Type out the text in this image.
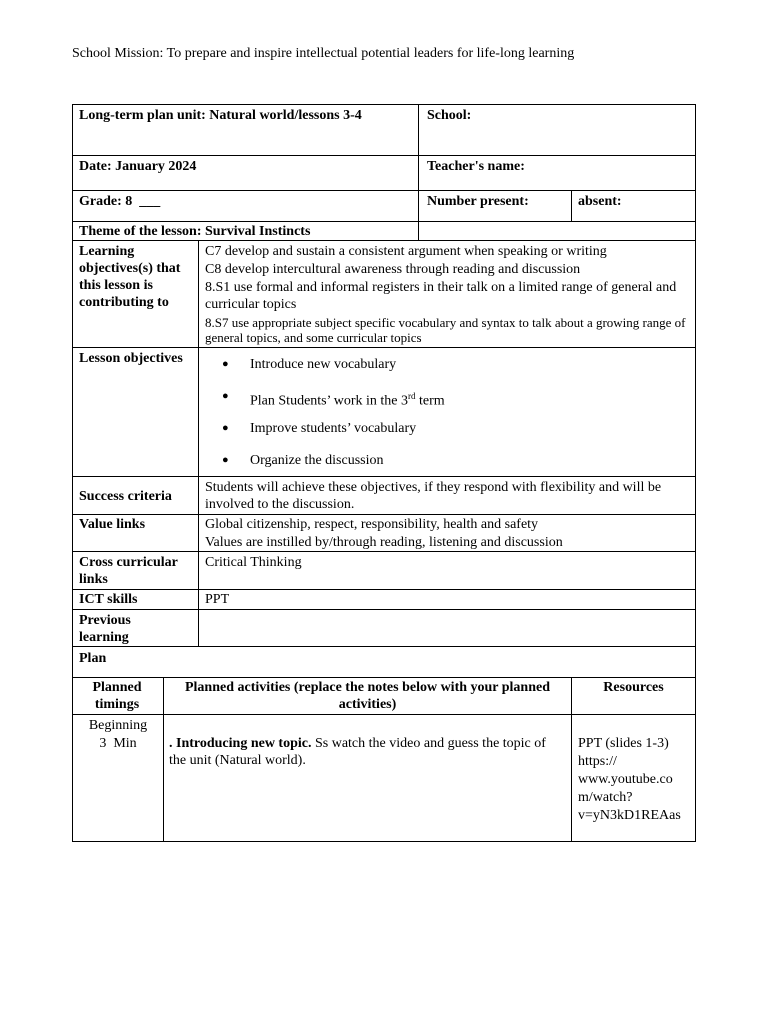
School Mission: To prepare and inspire intellectual potential leaders for life-long learning
Long-term plan unit: Natural world/lessons 3-4	School:
Date: January 2024	Teacher's name:
Grade: 8  ___	Number present:	absent:
Theme of the lesson: Survival Instincts
Learning objectives(s) that this lesson is contributing to
C7 develop and sustain a consistent argument when speaking or writing
C8 develop intercultural awareness through reading and discussion
8.S1 use formal and informal registers in their talk on a limited range of general and curricular topics
8.S7 use appropriate subject specific vocabulary and syntax to talk about a growing range of general topics, and some curricular topics
Lesson objectives
●	Introduce new vocabulary
● Plan Students’ work in the 3rd term
● Improve students’ vocabulary
● Organize the discussion
Success criteria
Students will achieve these objectives, if they respond with flexibility and will be involved to the discussion.
Value links	Global citizenship, respect, responsibility, health and safety
Values are instilled by/through reading, listening and discussion
Cross curricular links
Critical Thinking
ICT skills	PPT
Previous learning
Plan
Planned timings
Planned activities (replace the notes below with your planned activities)
Resources
Beginning
3  Min	. Introducing new topic. Ss watch the video and guess the topic of the unit (Natural world).
PPT (slides 1-3)
https://
www.youtube.co
m/watch?
v=yN3kD1REAas
